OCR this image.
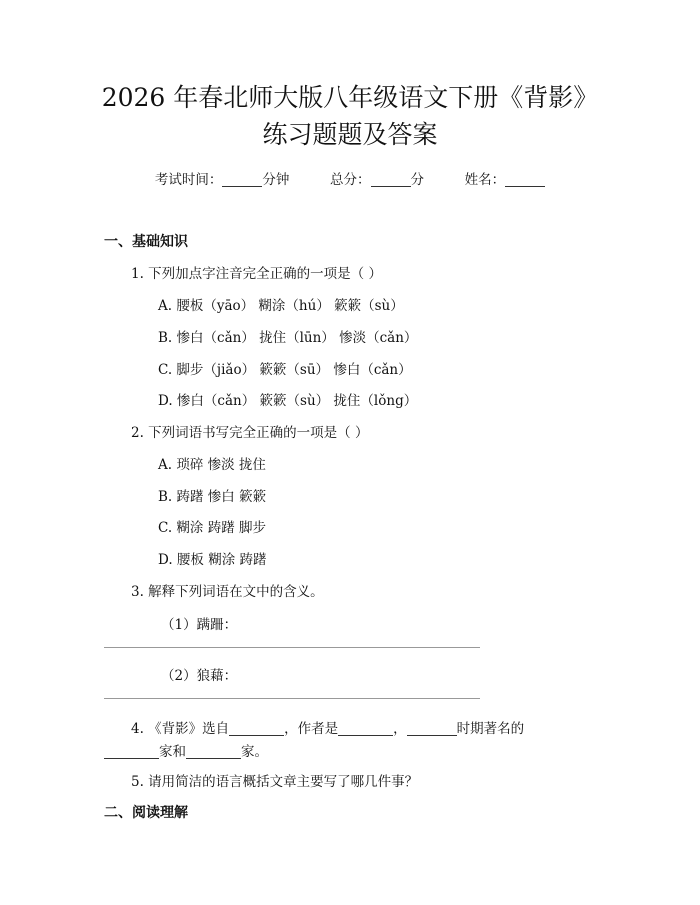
2026 年春北师大版八年级语文下册《背影》
练习题题及答案
考试时间：	分钟	总分：	分	姓名：
一、基础知识
1. 下列加点字注音完全正确的一项是（ ）
A. 腰板（yāo） 糊涂（hú） 簌簌（sù）
B. 惨白（cǎn） 拢住（lūn） 惨淡（cǎn）
C. 脚步（jiǎo） 簌簌（sū） 惨白（cǎn）
D. 惨白（cǎn） 簌簌（sù） 拢住（lǒng）
2. 下列词语书写完全正确的一项是（ ）
A. 琐碎 惨淡 拢住
B. 踌躇 惨白 簌簌
C. 糊涂 踌躇 脚步
D. 腰板 糊涂 踌躇
3. 解释下列词语在文中的含义。
（1）蹒跚：
（2）狼藉：
4. 《背影》选自	，作者是	，	时期著名的
家和	家。
5. 请用简洁的语言概括文章主要写了哪几件事？
二、阅读理解
